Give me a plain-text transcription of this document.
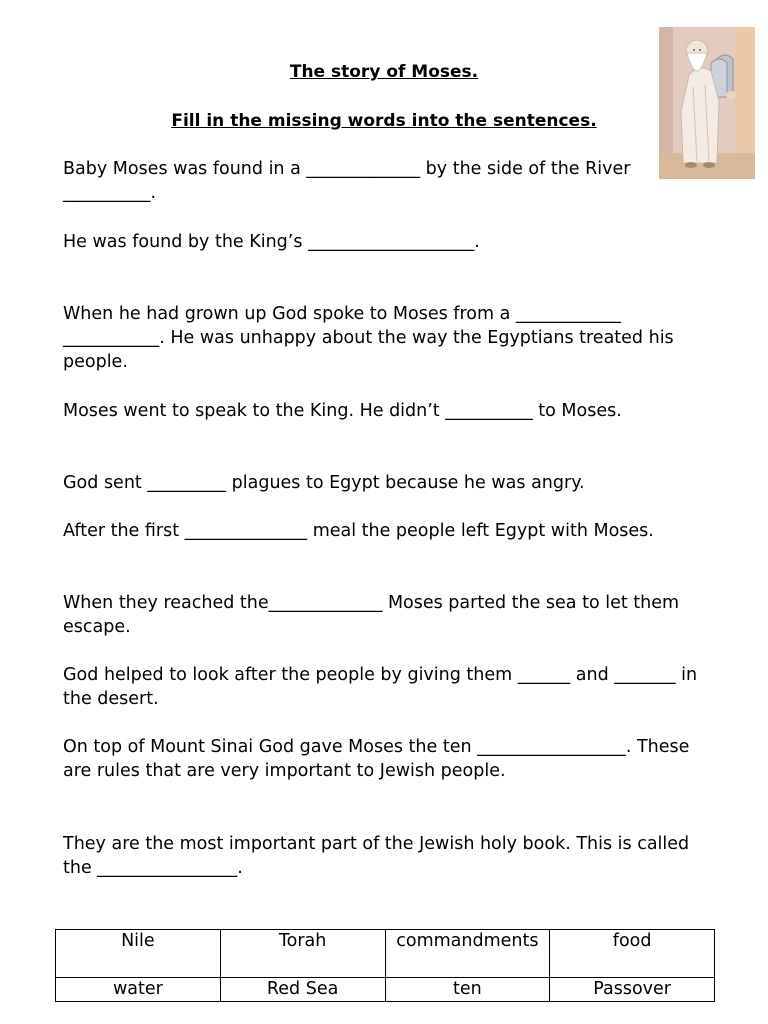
The story of Moses.
Fill in the missing words into the sentences.

Baby Moses was found in a _____________ by the side of the River __________.

He was found by the King’s ___________________.

When he had grown up God spoke to Moses from a ____________  ___________. He was unhappy about the way the Egyptians treated his people.

Moses went to speak to the King. He didn’t __________ to Moses.

God sent _________ plagues to Egypt because he was angry.

After the first ______________ meal the people left Egypt with Moses.

When they reached the_____________ Moses parted the sea to let them escape.

God helped to look after the people by giving them ______ and _______ in the desert.

On top of Mount Sinai God gave Moses the ten _________________. These are rules that are very important to Jewish people.

They are the most important part of the Jewish holy book. This is called the ________________.

Nile	Torah	commandments	food
water	Red Sea	ten	Passover
